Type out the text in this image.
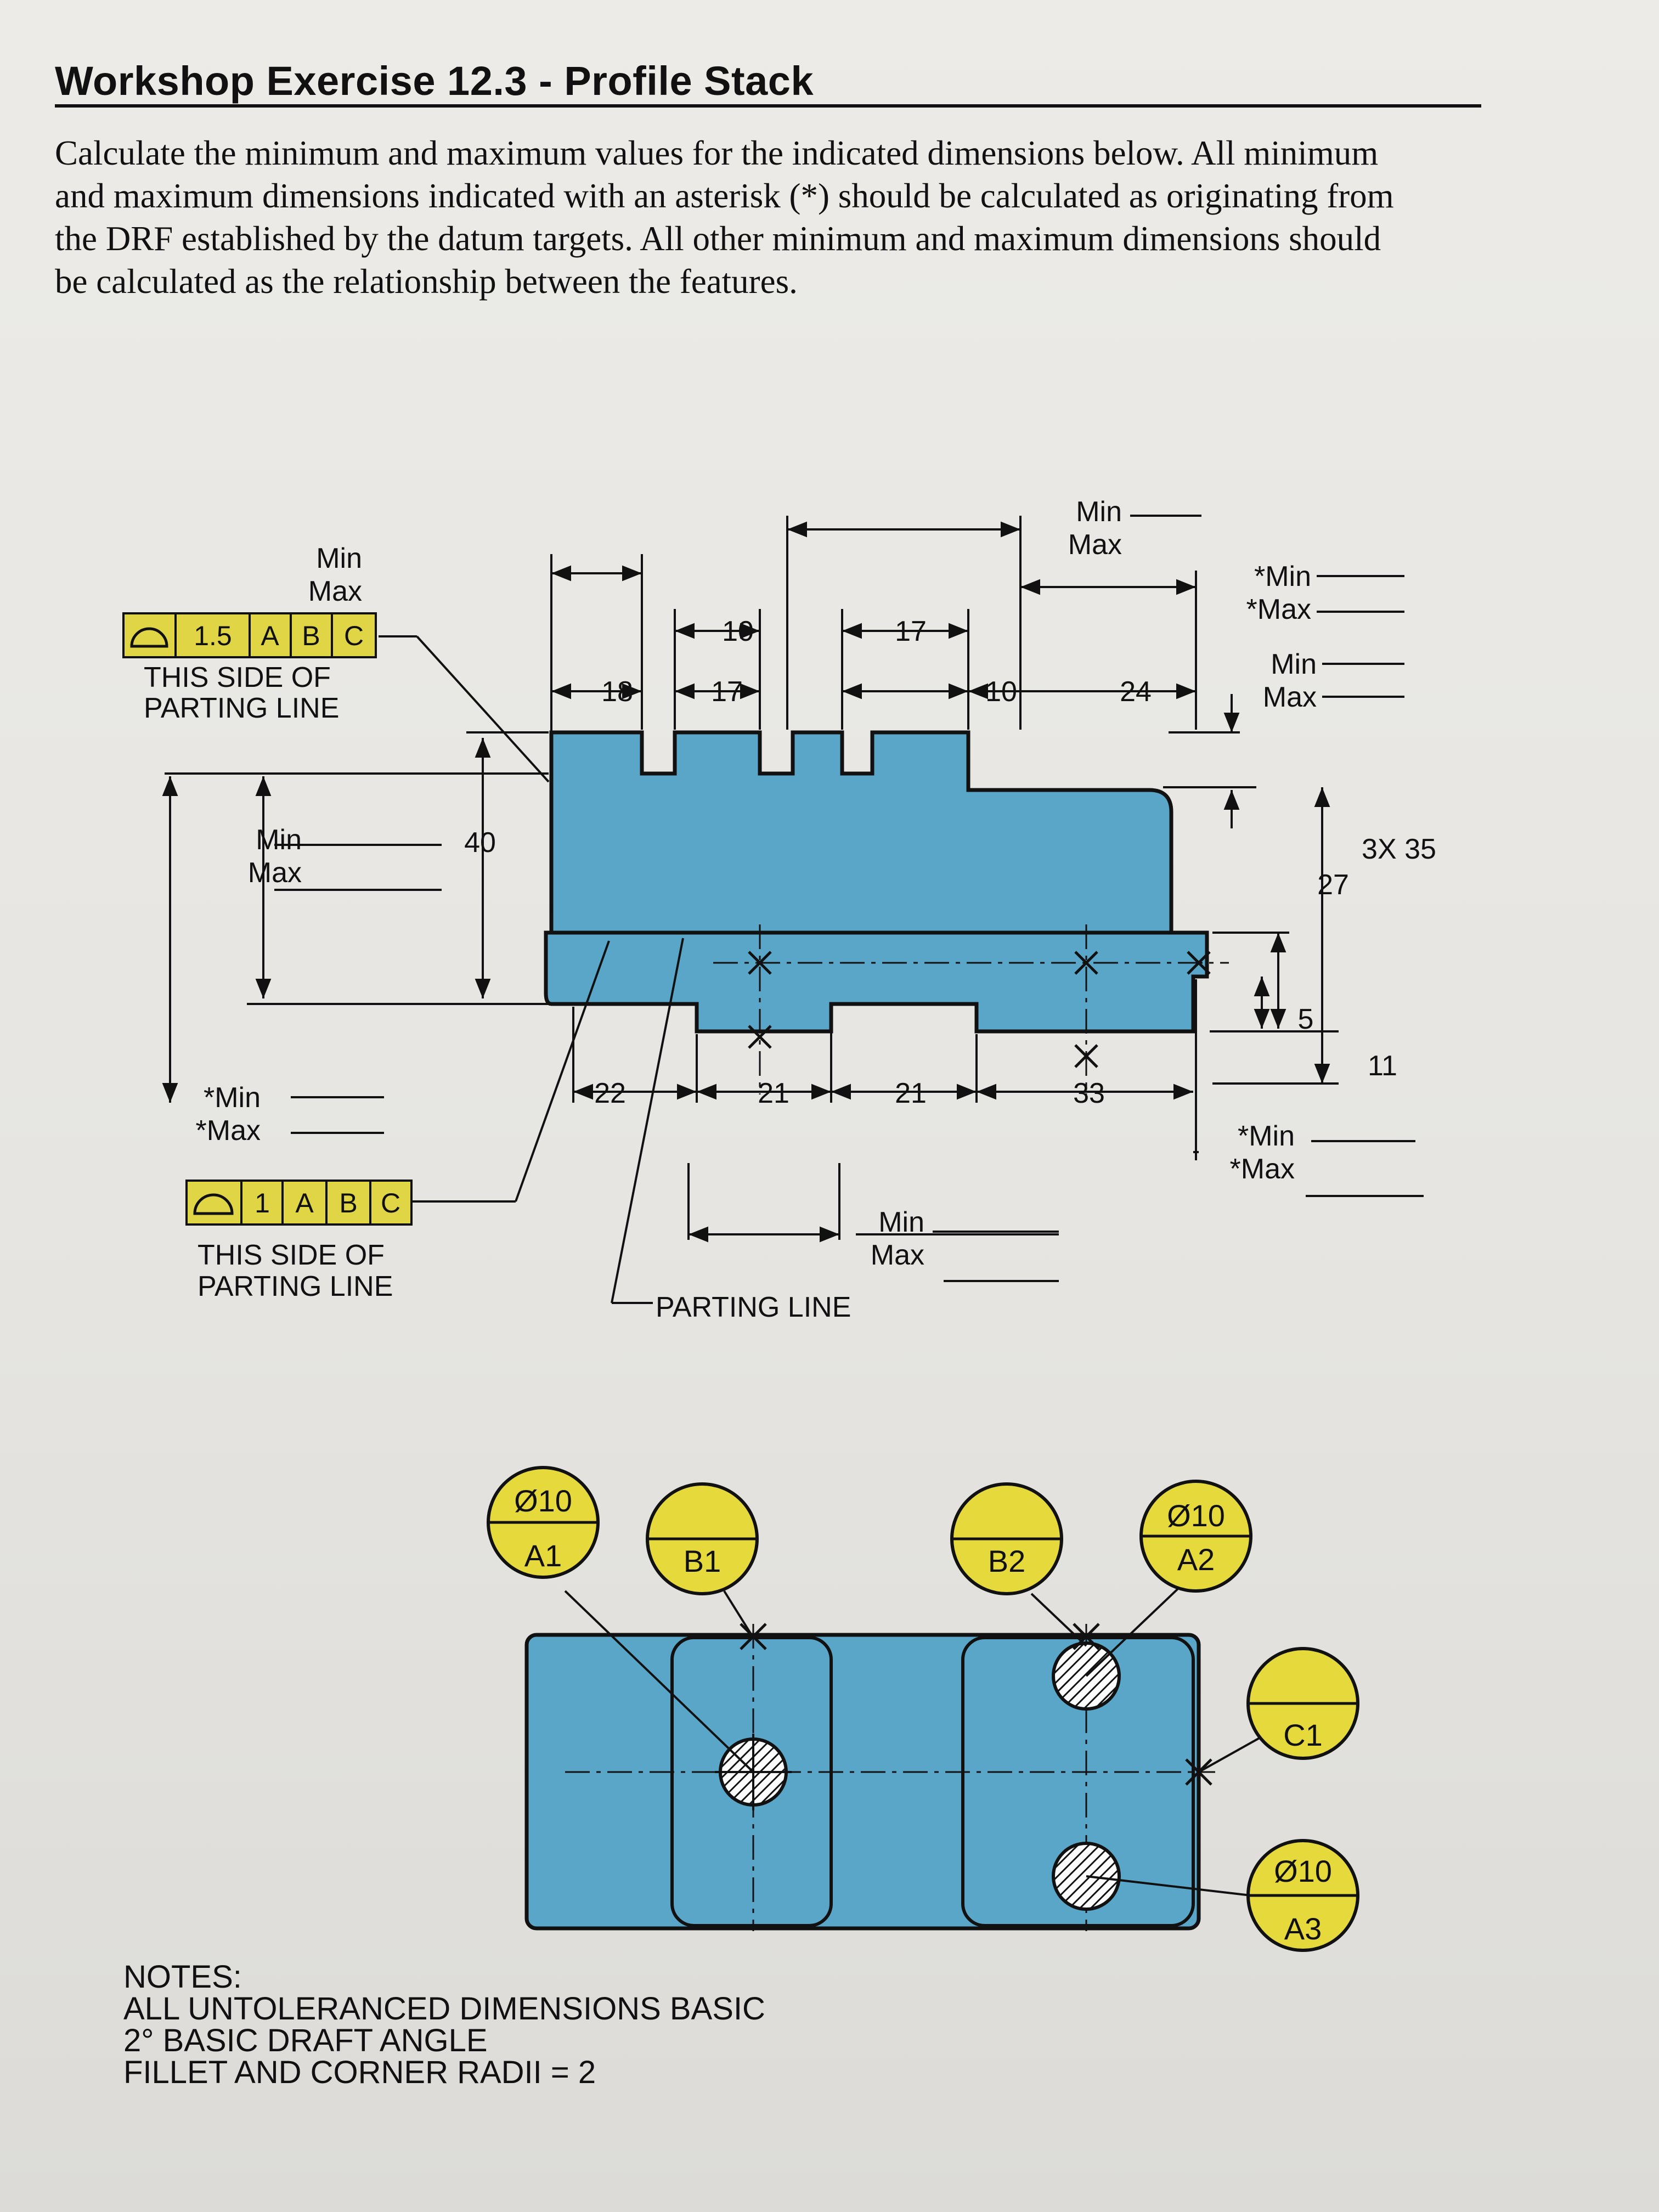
Workshop Exercise 12.3 - Profile Stack
Calculate the minimum and maximum values for the indicated dimensions below. All minimum
and maximum dimensions indicated with an asterisk (*) should be calculated as originating from
the DRF established by the datum targets. All other minimum and maximum dimensions should
be calculated as the relationship between the features.
10	17
18	17	10	24
40
22	21	21	33
27
5
11
3X 35
Min
Max
Min
Max
*Min
*Max
Min
Max
Min
Max
*Min
*Max	*Min
*Max
Min
Max
PARTING LINE
1.5 A B C
THIS SIDE OF
PARTING LINE
1 A B C
THIS SIDE OF
PARTING LINE
Ø10
A1	B1	B2
Ø10
A2
C1
Ø10
A3
NOTES:
ALL UNTOLERANCED DIMENSIONS BASIC
2° BASIC DRAFT ANGLE
FILLET AND CORNER RADII = 2
